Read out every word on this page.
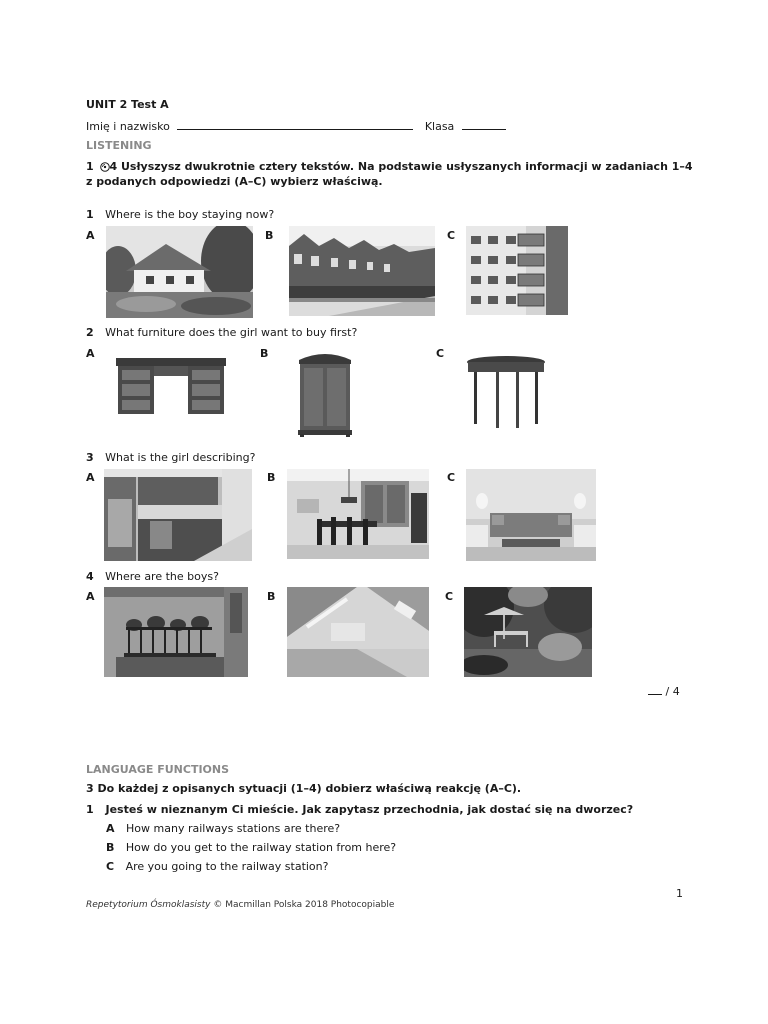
UNIT 2 Test A
Imię i nazwisko	Klasa
LISTENING
1 4 Usłyszysz dwukrotnie cztery tekstów. Na podstawie usłyszanych informacji w zadaniach 1–4
z podanych odpowiedzi (A–C) wybierz właściwą.
1 Where is the boy staying now?
A	B	C
2 What furniture does the girl want to buy first?
A	B	C
3 What is the girl describing?
A	B	C
4 Where are the boys?
A	B	C
/ 4
LANGUAGE FUNCTIONS
3 Do każdej z opisanych sytuacji (1–4) dobierz właściwą reakcję (A–C).
1 Jesteś w nieznanym Ci mieście. Jak zapytasz przechodnia, jak dostać się na dworzec?
A How many railways stations are there?
B How do you get to the railway station from here?
C Are you going to the railway station?
1
Repetytorium Ósmoklasisty © Macmillan Polska 2018 Photocopiable
